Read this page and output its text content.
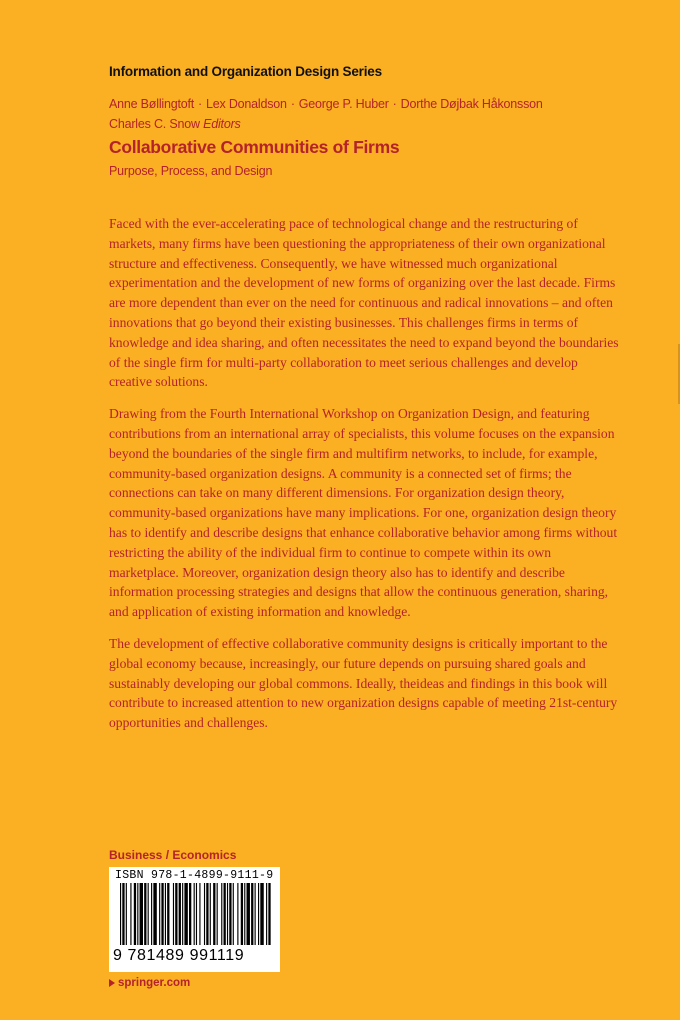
Information and Organization Design Series
Anne Bøllingtoft · Lex Donaldson · George P. Huber · Dorthe Døjbak Håkonsson
Charles C. Snow Editors
Collaborative Communities of Firms
Purpose, Process, and Design

Faced with the ever-accelerating pace of technological change and the restructuring of markets, many firms have been questioning the appropriateness of their own organizational structure and effectiveness. Consequently, we have witnessed much organizational experimentation and the development of new forms of organizing over the last decade. Firms are more dependent than ever on the need for continuous and radical innovations – and often innovations that go beyond their existing businesses. This challenges firms in terms of knowledge and idea sharing, and often necessitates the need to expand beyond the boundaries of the single firm for multi-party collaboration to meet serious challenges and develop creative solutions.

Drawing from the Fourth International Workshop on Organization Design, and featuring contributions from an international array of specialists, this volume focuses on the expansion beyond the boundaries of the single firm and multifirm networks, to include, for example, community-based organization designs. A community is a connected set of firms; the connections can take on many different dimensions. For organization design theory, community-based organizations have many implications. For one, organization design theory has to identify and describe designs that enhance collaborative behavior among firms without restricting the ability of the individual firm to continue to compete within its own marketplace. Moreover, organization design theory also has to identify and describe information processing strategies and designs that allow the continuous generation, sharing, and application of existing information and knowledge.

The development of effective collaborative community designs is critically important to the global economy because, increasingly, our future depends on pursuing shared goals and sustainably developing our global commons. Ideally, theideas and findings in this book will contribute to increased attention to new organization designs capable of meeting 21st-century opportunities and challenges.

Business / Economics
ISBN 978-1-4899-9111-9
9 781489 991119
springer.com
